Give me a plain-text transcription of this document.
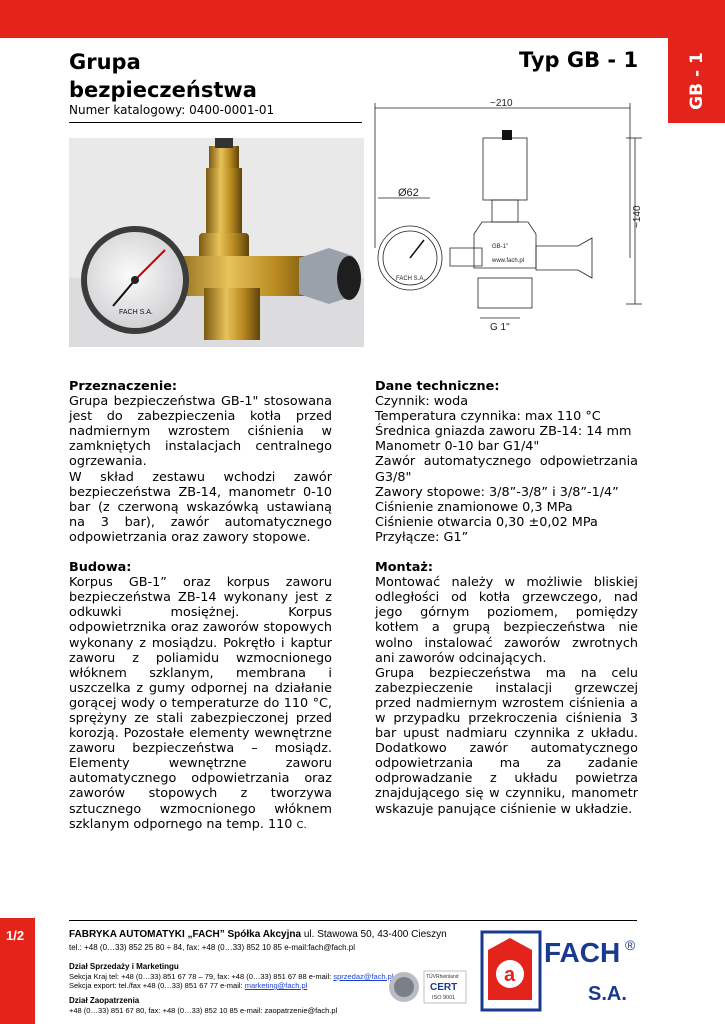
GB - 1
Grupa bezpieczeństwa
Typ GB - 1
Numer katalogowy: 0400-0001-01
FACH S.A.
~210
~140
Ø62
G 1"
FACH S.A.
GB-1"
www.fach.pl
Przeznaczenie:

Grupa bezpieczeństwa GB-1" stosowana jest do zabezpieczenia kotła przed nadmiernym wzrostem ciśnienia w zamkniętych instalacjach centralnego ogrzewania.

W skład zestawu wchodzi zawór bezpieczeństwa ZB-14, manometr 0-10 bar (z czerwoną wskazówką ustawianą na 3 bar), zawór automatycznego odpowietrzania oraz zawory stopowe.

Budowa:

Korpus GB-1” oraz korpus zaworu bezpieczeństwa ZB-14 wykonany jest z odkuwki mosiężnej. Korpus odpowietrznika oraz zaworów stopowych wykonany z mosiądzu. Pokrętło i kaptur zaworu z poliamidu wzmocnionego włóknem szklanym, membrana i uszczelka z gumy odpornej na działanie gorącej wody o temperaturze do 110 °C, sprężyny ze stali zabezpieczonej przed korozją. Pozostałe elementy wewnętrzne zaworu bezpieczeństwa – mosiądz. Elementy wewnętrzne zaworu automatycznego odpowietrzania oraz zaworów stopowych z tworzywa sztucznego wzmocnionego włóknem szklanym odpornego na temp. 110 C.

Dane techniczne:

Czynnik: woda

Temperatura czynnika: max 110 °C

Średnica gniazda zaworu ZB-14: 14 mm

Manometr 0-10 bar G1/4"

Zawór automatycznego odpowietrzania G3/8"

Zawory stopowe: 3/8”-3/8” i 3/8”-1/4”

Ciśnienie znamionowe 0,3 MPa

Ciśnienie otwarcia 0,30 ±0,02 MPa

Przyłącze: G1”

Montaż:

Montować należy w możliwie bliskiej odległości od kotła grzewczego, nad jego górnym poziomem, pomiędzy kotłem a grupą bezpieczeństwa nie wolno instalować zaworów zwrotnych ani zaworów odcinających.

Grupa bezpieczeństwa ma na celu zabezpieczenie instalacji grzewczej przed nadmiernym wzrostem ciśnienia a w przypadku przekroczenia ciśnienia 3 bar upust nadmiaru czynnika z układu. Dodatkowo zawór automatycznego odpowietrzania ma za zadanie odprowadzanie z układu powietrza znajdującego się w czynniku, manometr wskazuje panujące ciśnienie w układzie.

1/2	FABRYKA AUTOMATYKI „FACH” Spółka Akcyjna ul. Stawowa 50, 43-400 Cieszyn
tel.: +48 (0…33) 852 25 80 ÷ 84, fax: +48 (0…33) 852 10 85 e-mail:fach@fach.pl
Dział Sprzedaży i Marketingu
Sekcja Kraj tel: +48 (0…33) 851 67 78 – 79, fax: +48 (0…33) 851 67 88 e-mail: sprzedaz@fach.pl
Sekcja export: tel./fax +48 (0…33) 851 67 77 e-mail: marketing@fach.pl
Dział Zaopatrzenia
+48 (0…33) 851 67 80, fax: +48 (0…33) 852 10 85 e-mail: zaopatrzenie@fach.pl
TÜVRheinland
CERT
ISO 9001
a
FACH ®
S.A.
